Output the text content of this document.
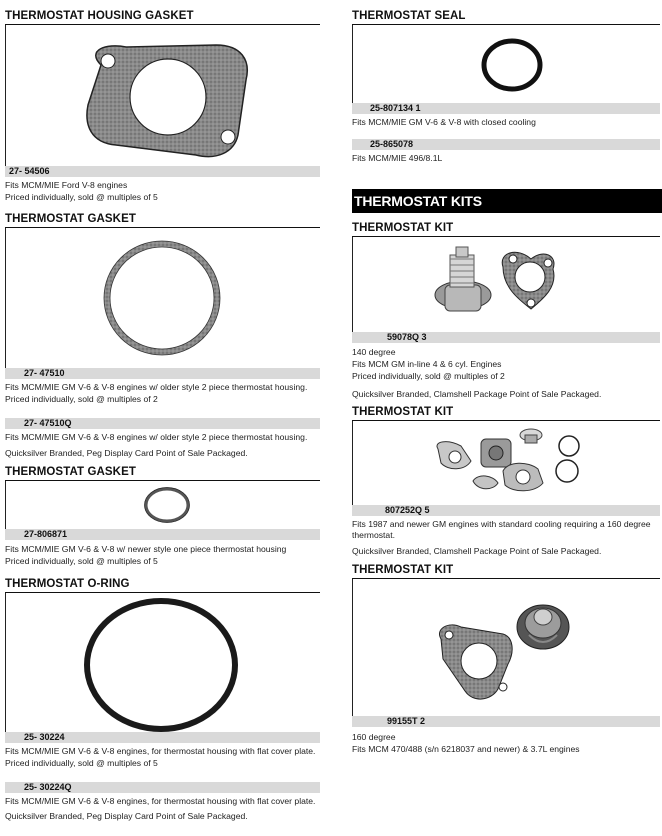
THERMOSTAT HOUSING GASKET
27- 54506
Fits MCM/MIE Ford V-8 engines
Priced individually, sold @ multiples of 5
THERMOSTAT GASKET
27- 47510
Fits MCM/MIE GM V-6 & V-8 engines w/ older style 2 piece thermostat housing.
Priced individually, sold @ multiples of 2
27- 47510Q
Fits MCM/MIE GM V-6 & V-8 engines w/ older style 2 piece thermostat housing.
Quicksilver Branded, Peg Display Card Point of Sale Packaged.
THERMOSTAT GASKET
27-806871
Fits MCM/MIE GM V-6 & V-8 w/ newer style one piece thermostat housing
Priced individually, sold @ multiples of 5
THERMOSTAT O-RING
25- 30224
Fits MCM/MIE GM V-6 & V-8 engines, for thermostat housing with flat cover plate.
Priced individually, sold @ multiples of 5
25- 30224Q
Fits MCM/MIE GM V-6 & V-8 engines, for thermostat housing with flat cover plate.
Quicksilver Branded, Peg Display Card Point of Sale Packaged.
THERMOSTAT SEAL
25-807134 1
Fits MCM/MIE GM V-6 & V-8 with closed cooling
25-865078
Fits MCM/MIE 496/8.1L
THERMOSTAT KITS
THERMOSTAT KIT
59078Q 3
140 degree
Fits MCM GM in-line 4 & 6 cyl. Engines
Priced individually, sold @ multiples of 2
Quicksilver Branded, Clamshell Package Point of Sale Packaged.
THERMOSTAT KIT
807252Q 5
Fits 1987 and newer GM engines with standard cooling requiring a 160 degree thermostat.
Quicksilver Branded, Clamshell Package Point of Sale Packaged.
THERMOSTAT KIT
99155T 2
160 degree
Fits MCM 470/488 (s/n 6218037 and newer) & 3.7L engines
